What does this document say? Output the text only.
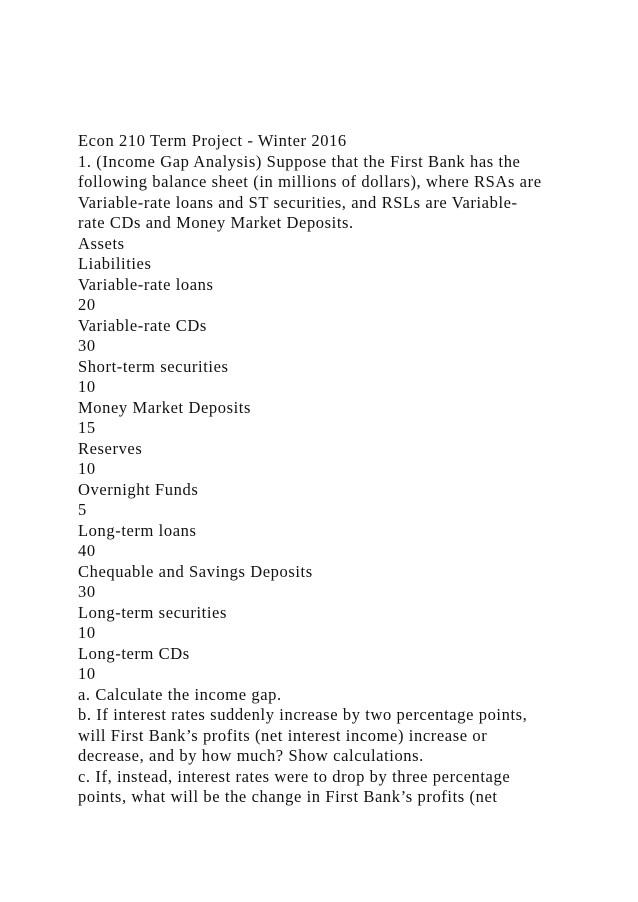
Econ 210 Term Project - Winter 2016
1. (Income Gap Analysis) Suppose that the First Bank has the
following balance sheet (in millions of dollars), where RSAs are
Variable-rate loans and ST securities, and RSLs are Variable-
rate CDs and Money Market Deposits.
Assets
Liabilities
Variable-rate loans
20
Variable-rate CDs
30
Short-term securities
10
Money Market Deposits
15
Reserves
10
Overnight Funds
5
Long-term loans
40
Chequable and Savings Deposits
30
Long-term securities
10
Long-term CDs
10
a. Calculate the income gap.
b. If interest rates suddenly increase by two percentage points,
will First Bank’s profits (net interest income) increase or
decrease, and by how much? Show calculations.
c. If, instead, interest rates were to drop by three percentage
points, what will be the change in First Bank’s profits (net
